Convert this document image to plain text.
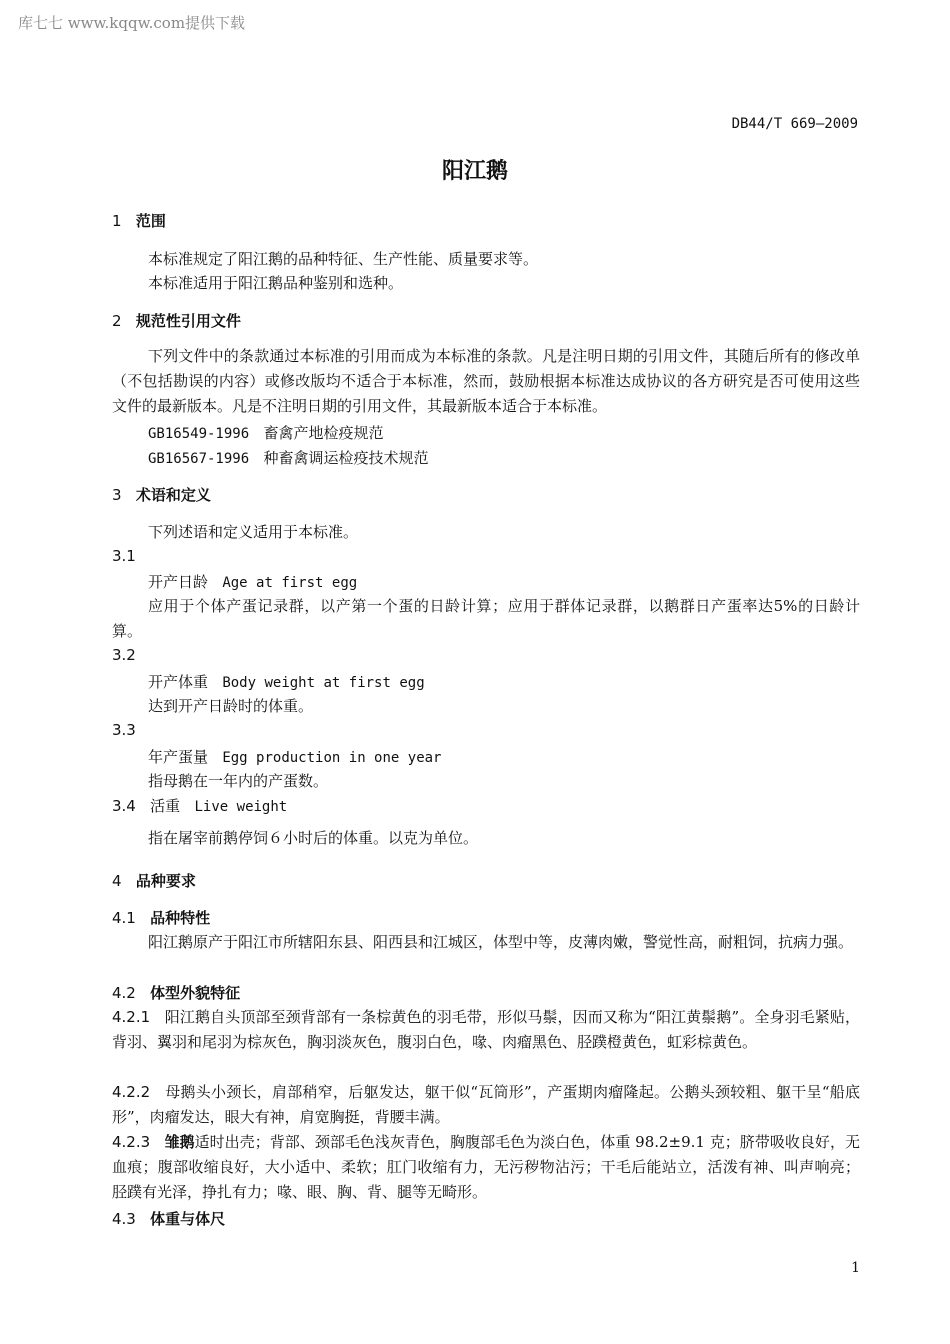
库七七 www.kqqw.com提供下载
DB44/T 669—2009
阳江鹅
1 范围
本标准规定了阳江鹅的品种特征、生产性能、质量要求等。
本标准适用于阳江鹅品种鉴别和选种。
2 规范性引用文件
下列文件中的条款通过本标准的引用而成为本标准的条款。凡是注明日期的引用文件，其随后所有的修改单（不包括勘误的内容）或修改版均不适合于本标准，然而，鼓励根据本标准达成协议的各方研究是否可使用这些文件的最新版本。凡是不注明日期的引用文件，其最新版本适合于本标准。
GB16549-1996 畜禽产地检疫规范
GB16567-1996 种畜禽调运检疫技术规范
3 术语和定义
下列述语和定义适用于本标准。
3.1
开产日龄 Age at first egg
应用于个体产蛋记录群，以产第一个蛋的日龄计算；应用于群体记录群，以鹅群日产蛋率达5%的日龄计算。
3.2
开产体重 Body weight at first egg
达到开产日龄时的体重。
3.3
年产蛋量 Egg production in one year
指母鹅在一年内的产蛋数。
3.4 活重 Live weight
指在屠宰前鹅停饲６小时后的体重。以克为单位。
4 品种要求
4.1 品种特性
阳江鹅原产于阳江市所辖阳东县、阳西县和江城区，体型中等，皮薄肉嫩，警觉性高，耐粗饲，抗病力强。
4.2 体型外貌特征
4.2.1 阳江鹅自头顶部至颈背部有一条棕黄色的羽毛带，形似马鬃，因而又称为“阳江黄鬃鹅”。全身羽毛紧贴，背羽、翼羽和尾羽为棕灰色，胸羽淡灰色，腹羽白色，喙、肉瘤黑色、胫蹼橙黄色，虹彩棕黄色。
4.2.2 母鹅头小颈长，肩部稍窄，后躯发达，躯干似“瓦筒形”，产蛋期肉瘤隆起。公鹅头颈较粗、躯干呈“船底形”，肉瘤发达，眼大有神，肩宽胸挺，背腰丰满。
4.2.3 雏鹅适时出壳；背部、颈部毛色浅灰青色，胸腹部毛色为淡白色，体重 98.2±9.1 克；脐带吸收良好，无血痕；腹部收缩良好，大小适中、柔软；肛门收缩有力，无污秽物沾污；干毛后能站立，活泼有神、叫声响亮；胫蹼有光泽，挣扎有力；喙、眼、胸、背、腿等无畸形。
4.3 体重与体尺
1
